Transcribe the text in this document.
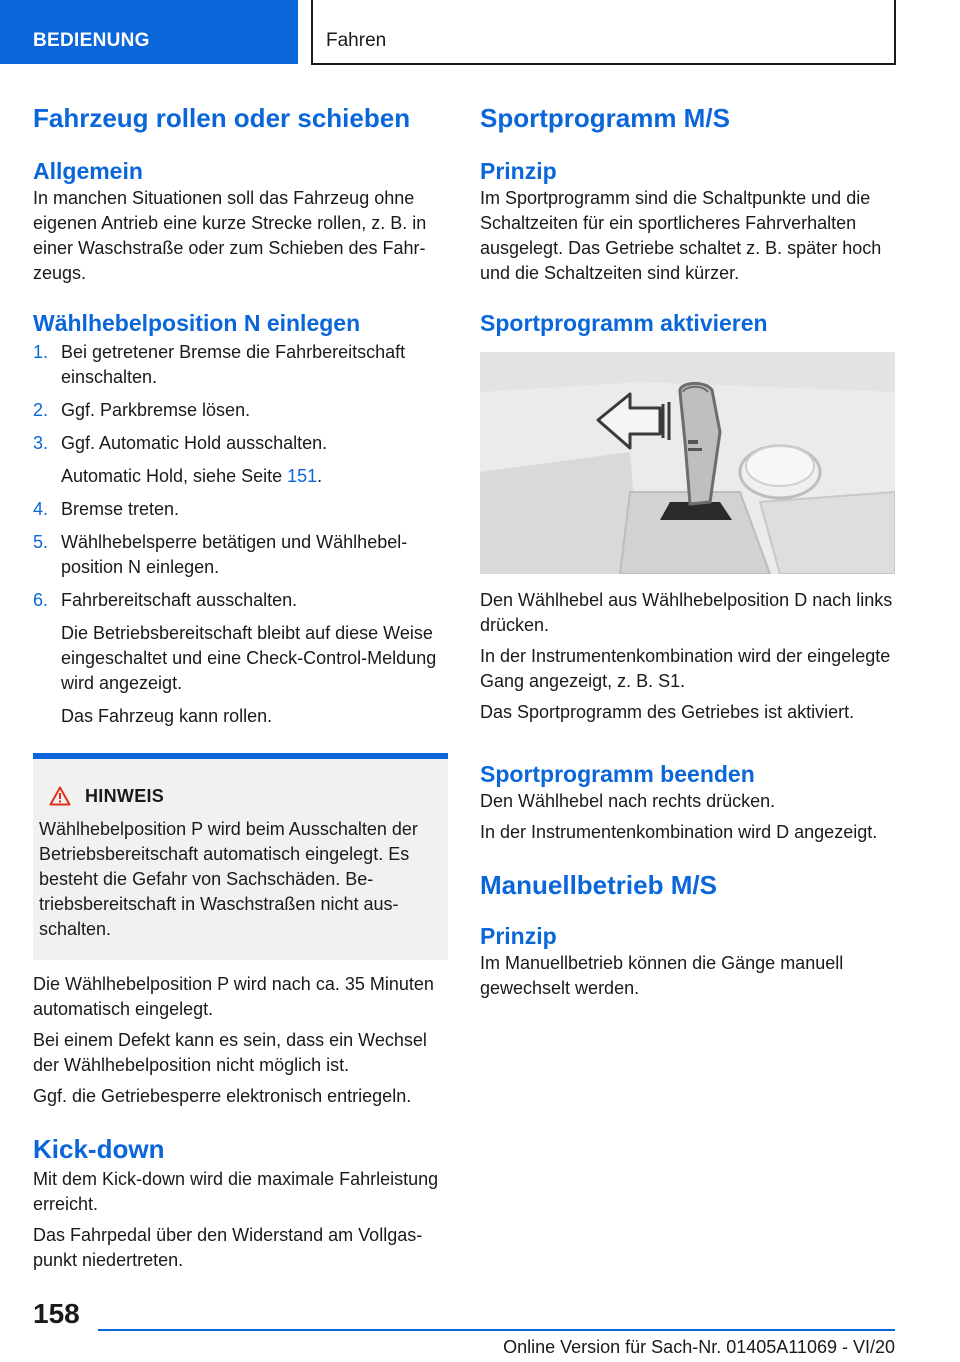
BEDIENUNG	Fahren
Fahrzeug rollen oder schieben
Allgemein

In manchen Situationen soll das Fahrzeug ohne eigenen Antrieb eine kurze Strecke rollen, z. B. in einer Waschstraße oder zum Schieben des Fahrzeugs.

Wählhebelposition N einlegen
1. Bei getretener Bremse die Fahrbereitschaft einschalten.
2. Ggf. Parkbremse lösen.
3. Ggf. Automatic Hold ausschalten.
Automatic Hold, siehe Seite 151.
4. Bremse treten.
5. Wählhebelsperre betätigen und Wählhebelposition N einlegen.
6. Fahrbereitschaft ausschalten.
Die Betriebsbereitschaft bleibt auf diese Weise eingeschaltet und eine Check-Control-Meldung wird angezeigt.
Das Fahrzeug kann rollen.
HINWEIS

Wählhebelposition P wird beim Ausschalten der Betriebsbereitschaft automatisch eingelegt. Es besteht die Gefahr von Sachschäden. Betriebsbereitschaft in Waschstraßen nicht ausschalten.

Die Wählhebelposition P wird nach ca. 35 Minuten automatisch eingelegt.

Bei einem Defekt kann es sein, dass ein Wechsel der Wählhebelposition nicht möglich ist.

Ggf. die Getriebesperre elektronisch entriegeln.

Kick-down

Mit dem Kick-down wird die maximale Fahrleistung erreicht.

Das Fahrpedal über den Widerstand am Vollgaspunkt niedertreten.

Sportprogramm M/S
Prinzip

Im Sportprogramm sind die Schaltpunkte und die Schaltzeiten für ein sportlicheres Fahrverhalten ausgelegt. Das Getriebe schaltet z. B. später hoch und die Schaltzeiten sind kürzer.

Sportprogramm aktivieren

Den Wählhebel aus Wählhebelposition D nach links drücken.

In der Instrumentenkombination wird der eingelegte Gang angezeigt, z. B. S1.

Das Sportprogramm des Getriebes ist aktiviert.

Sportprogramm beenden

Den Wählhebel nach rechts drücken.

In der Instrumentenkombination wird D angezeigt.

Manuellbetrieb M/S
Prinzip

Im Manuellbetrieb können die Gänge manuell gewechselt werden.

158
Online Version für Sach-Nr. 01405A11069 - VI/20
